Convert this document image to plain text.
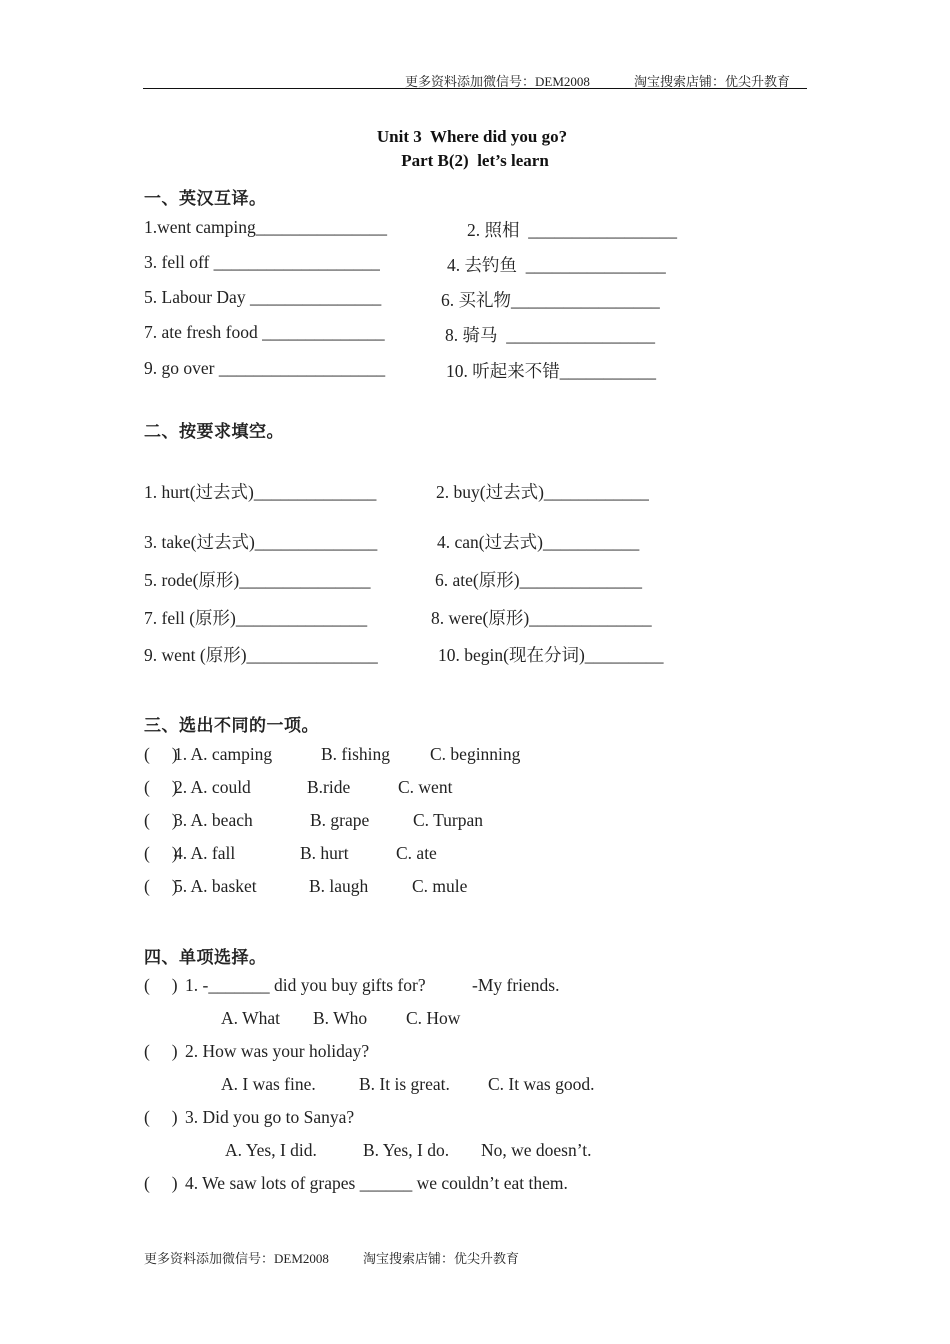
更多资料添加微信号：DEM2008	淘宝搜索店铺：优尖升教育
Unit 3  Where did you go?
Part B(2)  let’s learn
一、英汉互译。
1.went camping_______________	2. 照相  _________________
3. fell off ___________________	4. 去钓鱼  ________________
5. Labour Day _______________	6. 买礼物_________________
7. ate fresh food ______________	8. 骑马  _________________
9. go over ___________________	10. 听起来不错___________
二、按要求填空。
1. hurt(过去式)______________	2. buy(过去式)____________
3. take(过去式)______________	4. can(过去式)___________
5. rode(原形)_______________	6. ate(原形)______________
7. fell (原形)_______________	8. were(原形)______________
9. went (原形)_______________	10. begin(现在分词)_________
三、选出不同的一项。
(     )
1. A. camping	B. fishing C. beginning
(     )
2. A. could	B.ride	C. went
(     )
3. A. beach	B. grape C. Turpan
(     )
4. A. fall	B. hurt	C. ate
(     )
5. A. basket	B. laugh C. mule
四、单项选择。
(     ) 1. -_______ did you buy gifts for?	-My friends.
A. What B. Who C. How
(     ) 2. How was your holiday?
A. I was fine. B. It is great. C. It was good.
(     ) 3. Did you go to Sanya?
A. Yes, I did.	B. Yes, I do. No, we doesn’t.
(     ) 4. We saw lots of grapes ______ we couldn’t eat them.
更多资料添加微信号：DEM2008	淘宝搜索店铺：优尖升教育
